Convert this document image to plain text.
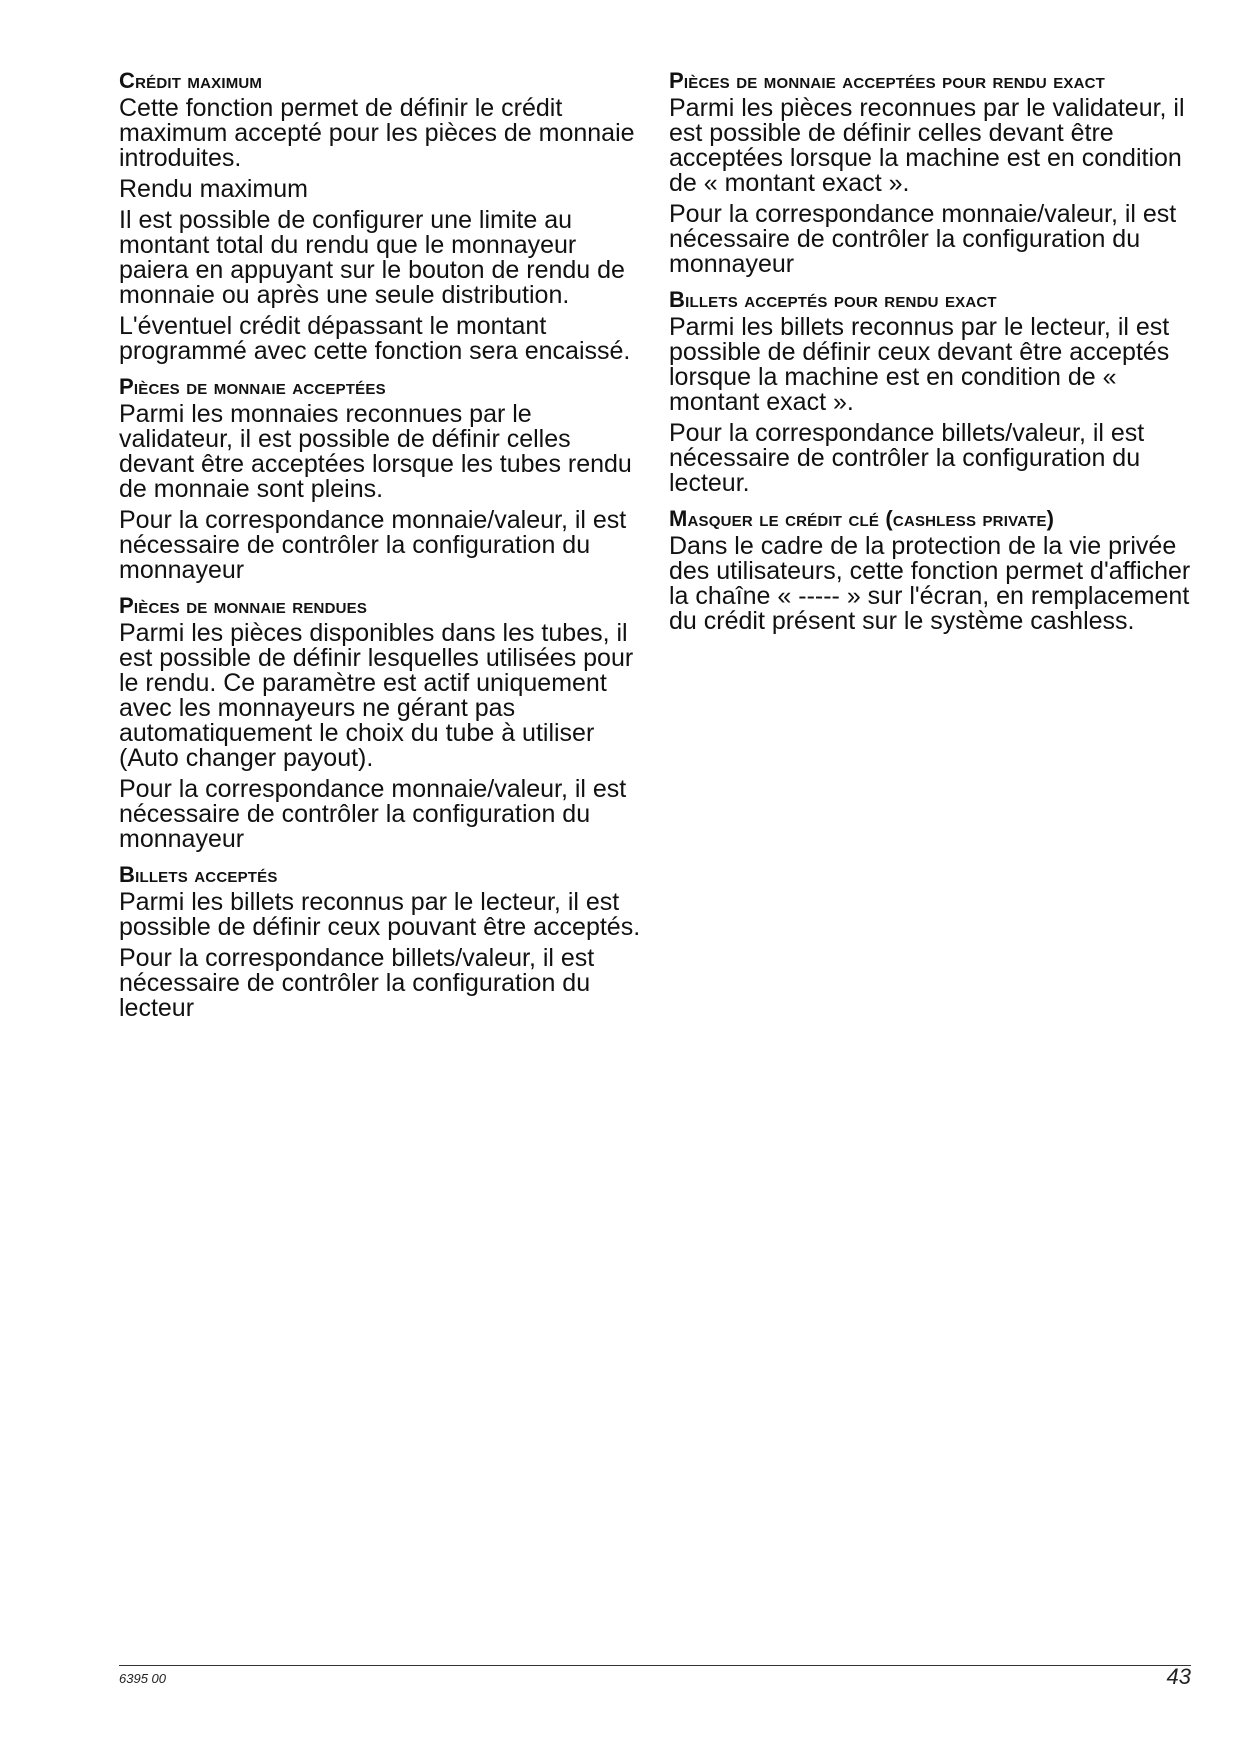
Crédit maximum

Cette fonction permet de définir le crédit maximum accepté pour les pièces de monnaie introduites.

Rendu maximum

Il est possible de configurer une limite au montant total du rendu que le monnayeur paiera en appuyant sur le bouton de rendu de monnaie ou après une seule distribution.

L'éventuel crédit dépassant le montant programmé avec cette fonction sera encaissé.

Pièces de monnaie acceptées

Parmi les monnaies reconnues par le validateur, il est possible de définir celles devant être acceptées lorsque les tubes rendu de monnaie sont pleins.

Pour la correspondance monnaie/valeur, il est nécessaire de contrôler la configuration du monnayeur

Pièces de monnaie rendues

Parmi les pièces disponibles dans les tubes, il est possible de définir lesquelles utilisées pour le rendu. Ce paramètre est actif uniquement avec les monnayeurs ne gérant pas automatiquement le choix du tube à utiliser (Auto changer payout).

Pour la correspondance monnaie/valeur, il est nécessaire de contrôler la configuration du monnayeur

Billets acceptés

Parmi les billets reconnus par le lecteur, il est possible de définir ceux pouvant être acceptés.

Pour la correspondance billets/valeur, il est nécessaire de contrôler la configuration du lecteur

Pièces de monnaie acceptées pour rendu exact

Parmi les pièces reconnues par le validateur, il est possible de définir celles devant être acceptées lorsque la machine est en condition de « montant exact ».

Pour la correspondance monnaie/valeur, il est nécessaire de contrôler la configuration du monnayeur

Billets acceptés pour rendu exact

Parmi les billets reconnus par le lecteur, il est possible de définir ceux devant être acceptés lorsque la machine est en condition de « montant exact ».

Pour la correspondance billets/valeur, il est nécessaire de contrôler la configuration du lecteur.

Masquer le crédit clé (cashless private)

Dans le cadre de la protection de la vie privée des utilisateurs, cette fonction permet d'afficher la chaîne « ----- » sur l'écran, en remplacement du crédit présent sur le système cashless.

6395 00	43
